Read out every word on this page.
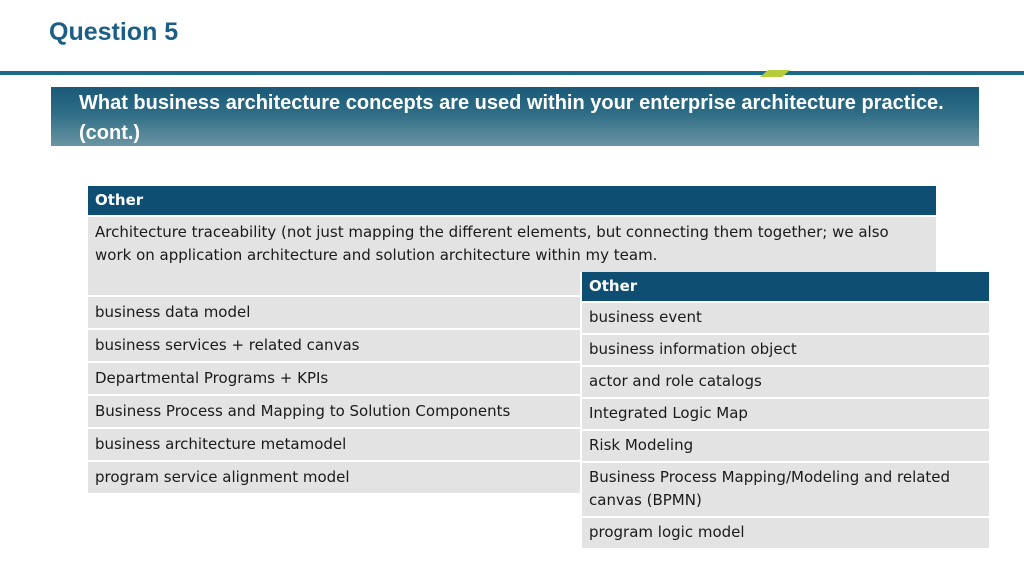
Question 5
What business architecture concepts are used within your enterprise architecture practice. (cont.)
Other
Architecture traceability (not just mapping the different elements, but connecting them together; we also work on application architecture and solution architecture within my team.
business data model
business services + related canvas
Departmental Programs + KPIs
Business Process and Mapping to Solution Components
business architecture metamodel
program service alignment model
Other
business event
business information object
actor and role catalogs
Integrated Logic Map
Risk Modeling
Business Process Mapping/Modeling and related canvas (BPMN)
program logic model
